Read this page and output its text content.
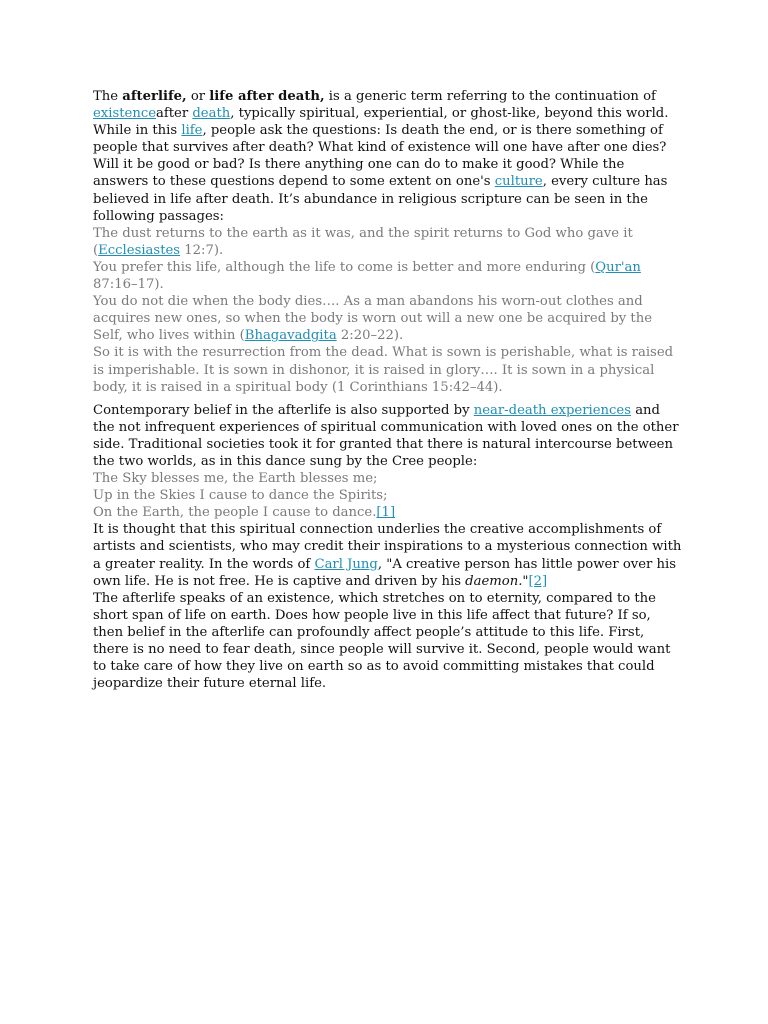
The afterlife, or life after death, is a generic term referring to the continuation of existenceafter death, typically spiritual, experiential, or ghost-like, beyond this world. While in this life, people ask the questions: Is death the end, or is there something of people that survives after death? What kind of existence will one have after one dies? Will it be good or bad? Is there anything one can do to make it good? While the answers to these questions depend to some extent on one's culture, every culture has believed in life after death. It’s abundance in religious scripture can be seen in the following passages:

The dust returns to the earth as it was, and the spirit returns to God who gave it (Ecclesiastes 12:7).

You prefer this life, although the life to come is better and more enduring (Qur'an 87:16–17).

You do not die when the body dies…. As a man abandons his worn-out clothes and acquires new ones, so when the body is worn out will a new one be acquired by the Self, who lives within (Bhagavadgita 2:20–22).

So it is with the resurrection from the dead. What is sown is perishable, what is raised is imperishable. It is sown in dishonor, it is raised in glory…. It is sown in a physical body, it is raised in a spiritual body (1 Corinthians 15:42–44).

Contemporary belief in the afterlife is also supported by near-death experiences and the not infrequent experiences of spiritual communication with loved ones on the other side. Traditional societies took it for granted that there is natural intercourse between the two worlds, as in this dance sung by the Cree people:

The Sky blesses me, the Earth blesses me;

Up in the Skies I cause to dance the Spirits;

On the Earth, the people I cause to dance.[1]

It is thought that this spiritual connection underlies the creative accomplishments of artists and scientists, who may credit their inspirations to a mysterious connection with a greater reality. In the words of Carl Jung, "A creative person has little power over his own life. He is not free. He is captive and driven by his daemon."[2]

The afterlife speaks of an existence, which stretches on to eternity, compared to the short span of life on earth. Does how people live in this life affect that future? If so, then belief in the afterlife can profoundly affect people’s attitude to this life. First, there is no need to fear death, since people will survive it. Second, people would want to take care of how they live on earth so as to avoid committing mistakes that could jeopardize their future eternal life.
